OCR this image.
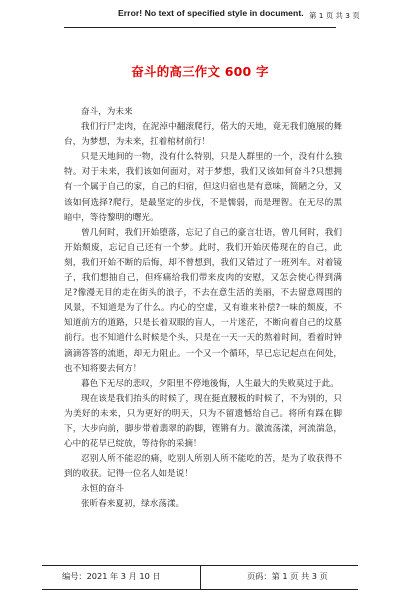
Error! No text of specified style in document. 第 1 页 共 3 页
奋斗的高三作文 600 字

奋斗，为未来

我们行尸走肉，在泥淖中翻滚爬行，偌大的天地，竟无我们施展的舞台，为梦想，为未来，扛着棺材前行！

只是天地间的一物，没有什么特别，只是人群里的一个，没有什么独特。对于未来，我们该如何面对，对于梦想，我们又该如何奋斗?只想拥有一个属于自己的家，自己的归宿，但这归宿也是有意味，简陋之分，又该如何选择?爬行，是最坚定的步伐，不是懦弱，而是理智。在无尽的黑暗中，等待黎明的曙光。

曾几何时，我们开始堕落，忘记了自己的豪言壮语，曾几何时，我们开始颓废，忘记自己还有一个梦。此时，我们开始厌倦现在的自己，此刻，我们开始不断的后悔，却不曾想到，我们又错过了一班列车。对着镜子，我们想抽自己，但疼痛给我们带来皮肉的安慰，又怎会使心得到满足?像漫无目的走在街头的浪子，不去在意生活的美丽，不去留意周围的风景，不知道是为了什么。内心的空虚，又有谁来补偿?一味的颓废，不知道前方的道路，只是长着双眼的盲人，一片迷茫，不断向着自己的坟墓前行。也不知道什么时候是个头，只是在一天一天的熬着时间，看着时钟滴滴答答的流逝，却无力阻止。一个又一个循环，早已忘记起点在何处，也不知将要去何方！

暮色下无尽的悲叹，夕阳里不停地後悔，人生最大的失败莫过于此。

现在该是我们抬头的时候了，现在挺直腰板的时候了，不为别的，只为美好的未来，只为更好的明天，只为不留遗憾给自己。将所有踩在脚下，大步向前，脚步带着翡翠的韵脚，铿锵有力。激流荡漾，河流湍急，心中的花早已绽放，等待你的采摘！

忍别人所不能忍的痛，吃别人所别人所不能吃的苦，是为了收获得不到的收获。记得一位名人如是说！

永恒的奋斗

张昕春来夏初，绿水荡漾。

编号：2021 年 3 月 10 日	页码：第 1 页 共 3 页
